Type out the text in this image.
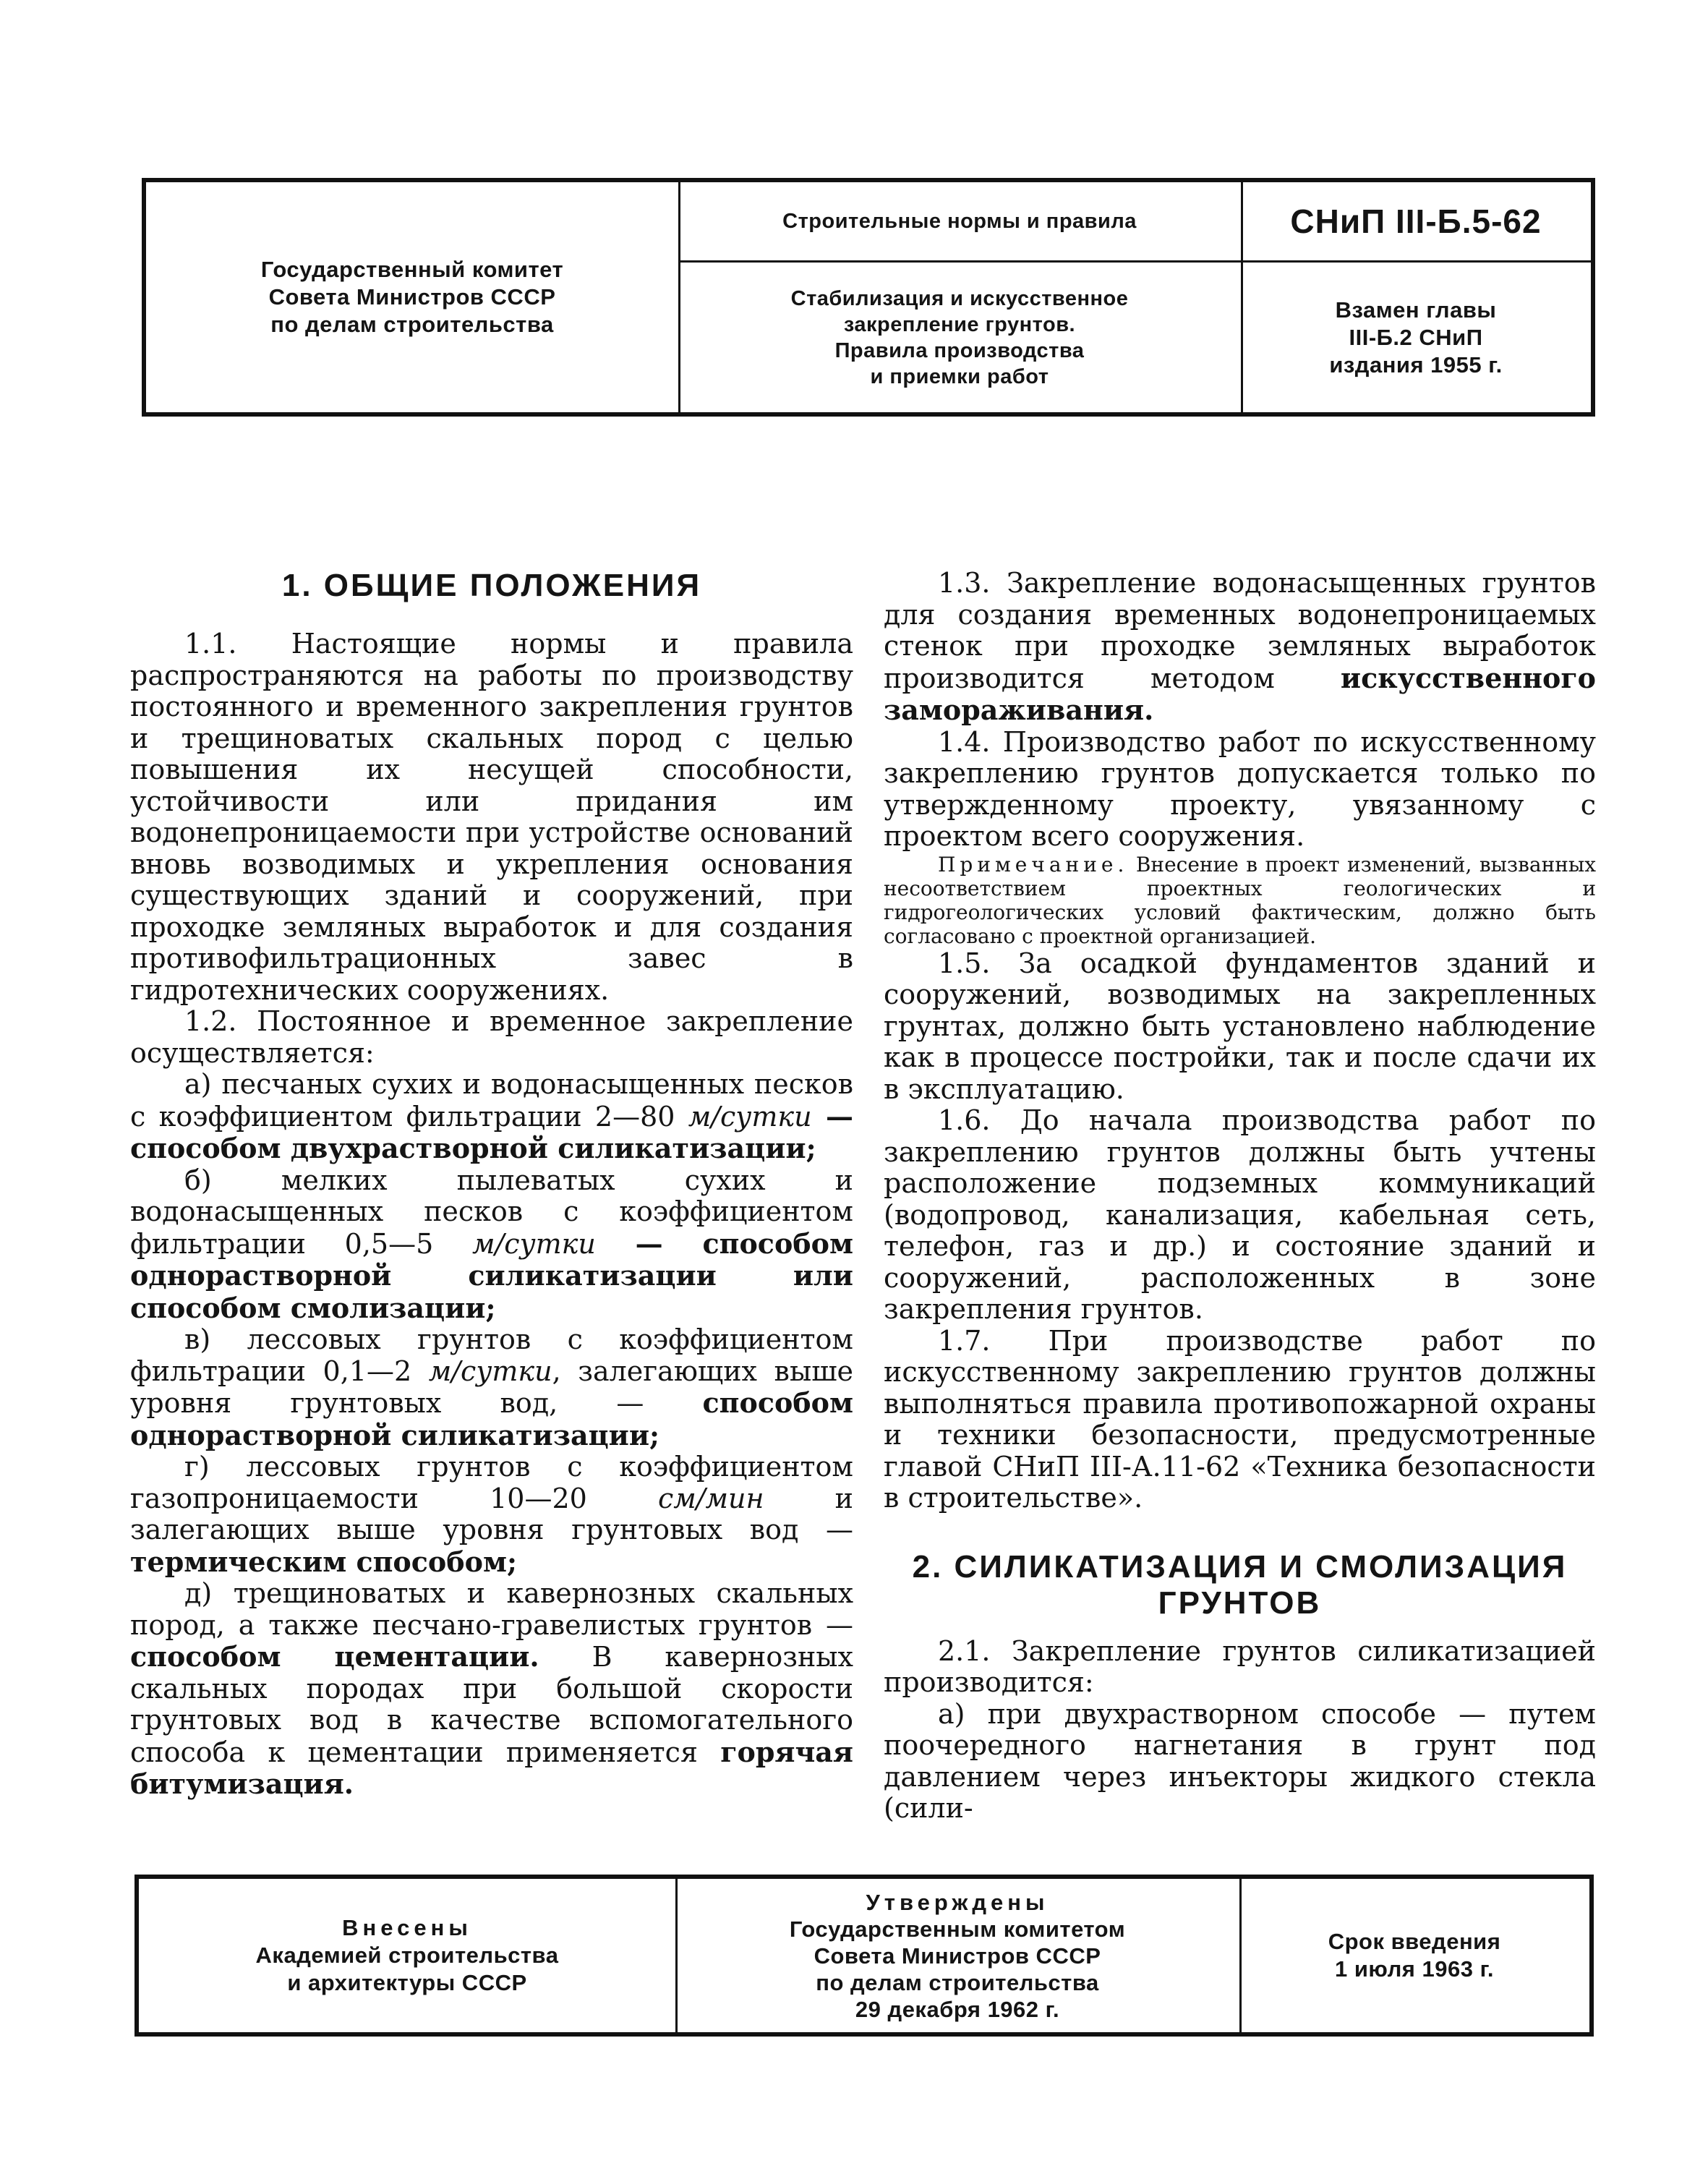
Государственный комитет
Совета Министров СССР
по делам строительства
Строительные нормы и правила
Стабилизация и искусственное
закрепление грунтов.
Правила производства
и приемки работ
СНиП III-Б.5-62
Взамен главы
III-Б.2 СНиП
издания 1955 г.
1. ОБЩИЕ ПОЛОЖЕНИЯ

1.1. Настоящие нормы и правила распространяются на работы по производству постоянного и временного закрепления грунтов и трещиноватых скальных пород с целью повышения их несущей способности, устойчивости или придания им водонепроницаемости при устройстве оснований вновь возводимых и укрепления основания существующих зданий и сооружений, при проходке земляных выработок и для создания противофильтрационных завес в гидротехнических сооружениях.

1.2. Постоянное и временное закрепление осуществляется:

а) песчаных сухих и водонасыщенных песков с коэффициентом фильтрации 2—80 м/сутки — способом двухрастворной силикатизации;

б) мелких пылеватых сухих и водонасыщенных песков с коэффициентом фильтрации 0,5—5 м/сутки — способом однорастворной силикатизации или способом смолизации;

в) лессовых грунтов с коэффициентом фильтрации 0,1—2 м/сутки, залегающих выше уровня грунтовых вод, — способом однорастворной силикатизации;

г) лессовых грунтов с коэффициентом газопроницаемости 10—20 см/мин и залегающих выше уровня грунтовых вод — термическим способом;

д) трещиноватых и кавернозных скальных пород, а также песчано-гравелистых грунтов — способом цементации. В кавернозных скальных породах при большой скорости грунтовых вод в качестве вспомогательного способа к цементации применяется горячая битумизация.

1.3. Закрепление водонасыщенных грунтов для создания временных водонепроницаемых стенок при проходке земляных выработок производится методом искусственного замораживания.

1.4. Производство работ по искусственному закреплению грунтов допускается только по утвержденному проекту, увязанному с проектом всего сооружения.

Примечание. Внесение в проект изменений, вызванных несоответствием проектных геологических и гидрогеологических условий фактическим, должно быть согласовано с проектной организацией.

1.5. За осадкой фундаментов зданий и сооружений, возводимых на закрепленных грунтах, должно быть установлено наблюдение как в процессе постройки, так и после сдачи их в эксплуатацию.

1.6. До начала производства работ по закреплению грунтов должны быть учтены расположение подземных коммуникаций (водопровод, канализация, кабельная сеть, телефон, газ и др.) и состояние зданий и сооружений, расположенных в зоне закрепления грунтов.

1.7. При производстве работ по искусственному закреплению грунтов должны выполняться правила противопожарной охраны и техники безопасности, предусмотренные главой СНиП III-А.11-62 «Техника безопасности в строительстве».

2. СИЛИКАТИЗАЦИЯ И СМОЛИЗАЦИЯ ГРУНТОВ

2.1. Закрепление грунтов силикатизацией производится:

а) при двухрастворном способе — путем поочередного нагнетания в грунт под давлением через инъекторы жидкого стекла (сили-

Внесены
Академией строительства
и архитектуры СССР
Утверждены
Государственным комитетом
Совета Министров СССР
по делам строительства
29 декабря 1962 г.
Срок введения
1 июля 1963 г.
